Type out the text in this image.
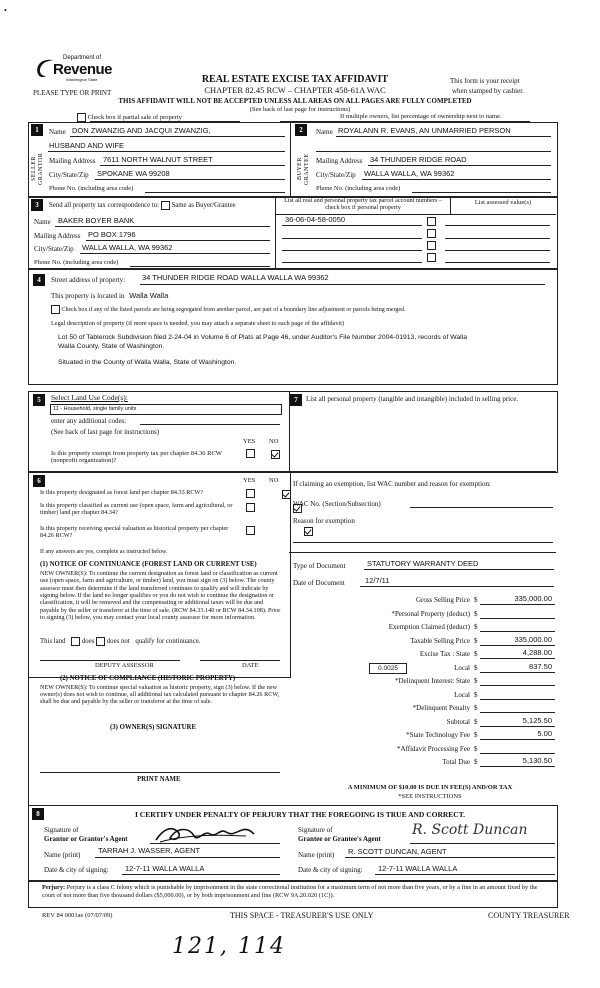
•
Department of
Revenue
Washington State
PLEASE TYPE OR PRINT
REAL ESTATE EXCISE TAX AFFIDAVIT
CHAPTER 82.45 RCW – CHAPTER 458-61A WAC
THIS AFFIDAVIT WILL NOT BE ACCEPTED UNLESS ALL AREAS ON ALL PAGES ARE FULLY COMPLETED
This form is your receipt
when stamped by cashier.
(See back of last page for instructions)
Check box if partial sale of property	If multiple owners, list percentage of ownership next to name.
1
SELLER GRANTOR
Name DON ZWANZIG AND JACQUI ZWANZIG,
HUSBAND AND WIFE
Mailing Address 7611 NORTH WALNUT STREET
City/State/Zip SPOKANE WA 99208
Phone No. (including area code)
2
BUYER GRANTEE
Name ROYALANN R. EVANS, AN UNMARRIED PERSON
Mailing Address 34 THUNDER RIDGE ROAD
City/State/Zip WALLA WALLA, WA 99362
Phone No. (including area code)
3	Send all property tax correspondence to: Same as Buyer/Grantee
Name BAKER BOYER BANK
Mailing Address PO BOX 1796
City/State/Zip WALLA WALLA, WA 99362
Phone No. (including area code)
List all real and personal property tax parcel account numbers – check box if personal property
List assessed value(s)
36-06-04-58-0050
4	Street address of property: 34 THUNDER RIDGE ROAD WALLA WALLA WA 99362
This property is located in Walla Walla
Check box if any of the listed parcels are being segregated from another parcel, are part of a boundary line adjustment or parcels being merged.
Legal description of property (if more space is needed, you may attach a separate sheet to each page of the affidavit)
Lot 50 of Tablerock Subdivision filed 2-24-04 in Volume 6 of Plats at Page 46, under Auditor's File Number 2004-01913, records of Walla
Walla County, State of Washington.
Situated in the County of Walla Walla, State of Washington.
5	Select Land Use Code(s):
11 - Household, single family units
enter any additional codes:
(See back of last page for instructions)
YES NO
Is this property exempt from property tax per chapter 84.36 RCW (nonprofit organization)?

7	List all personal property (tangible and intangible) included in selling price.
6	YES NO
Is this property designated as forest land per chapter 84.33 RCW?

Is this property classified as current use (open space, farm and agricultural, or timber) land per chapter 84.34?

Is this property receiving special valuation as historical property per chapter 84.26 RCW?
If any answers are yes, complete as instructed below.
(1) NOTICE OF CONTINUANCE (FOREST LAND OR CURRENT USE)
NEW OWNER(S): To continue the current designation as forest land or classification as current use (open space, farm and agriculture, or timber) land, you must sign on (3) below. The county assessor must then determine if the land transferred continues to qualify and will indicate by signing below. If the land no longer qualifies or you do not wish to continue the designation or classification, it will be removed and the compensating or additional taxes will be due and payable by the seller or transferor at the time of sale. (RCW 84.33.140 or RCW 84.34.108). Prior to signing (3) below, you may contact your local county assessor for more information.
This land does does not qualify for continuance.
DEPUTY ASSESSOR	DATE
(2) NOTICE OF COMPLIANCE (HISTORIC PROPERTY)
NEW OWNER(S): To continue special valuation as historic property, sign (3) below. If the new owner(s) does not wish to continue, all additional tax calculated pursuant to chapter 84.26 RCW, shall be due and payable by the seller or transferor at the time of sale.
(3) OWNER(S) SIGNATURE
PRINT NAME
If claiming an exemption, list WAC number and reason for exemption:
WAC No. (Section/Subsection)
Reason for exemption
Type of Document	STATUTORY WARRANTY DEED
Date of Document	12/7/11
Gross Selling Price $	335,000.00
*Personal Property (deduct) $
Exemption Claimed (deduct) $
Taxable Selling Price $	335,000.00
Excise Tax : State $	4,288.00
Local $	837.50
*Delinquent Interest: State $
Local $
*Delinquent Penalty $
Subtotal $	5,125.50
*State Technology Fee $	5.00
*Affidavit Processing Fee $
Total Due $	5,130.50
0.0025
A MINIMUM OF $10.00 IS DUE IN FEE(S) AND/OR TAX
*SEE INSTRUCTIONS
8	I CERTIFY UNDER PENALTY OF PERJURY THAT THE FOREGOING IS TRUE AND CORRECT.
Signature of
Grantor or Grantor's Agent
Name (print) TARRAH J. WASSER, AGENT
Date & city of signing: 12-7-11 WALLA WALLA
Signature of
Grantee or Grantee's Agent
R. Scott Duncan
Name (print) R. SCOTT DUNCAN, AGENT
Date & city of signing: 12-7-11 WALLA WALLA
Perjury: Perjury is a class C felony which is punishable by imprisonment in the state correctional institution for a maximum term of not more than five years, or by a fine in an amount fixed by the court of not more than five thousand dollars ($5,000.00), or by both imprisonment and fine (RCW 9A.20.020 (1C)).
REV 84 0001ae (07/07/09)	THIS SPACE - TREASURER'S USE ONLY	COUNTY TREASURER
121, 114
